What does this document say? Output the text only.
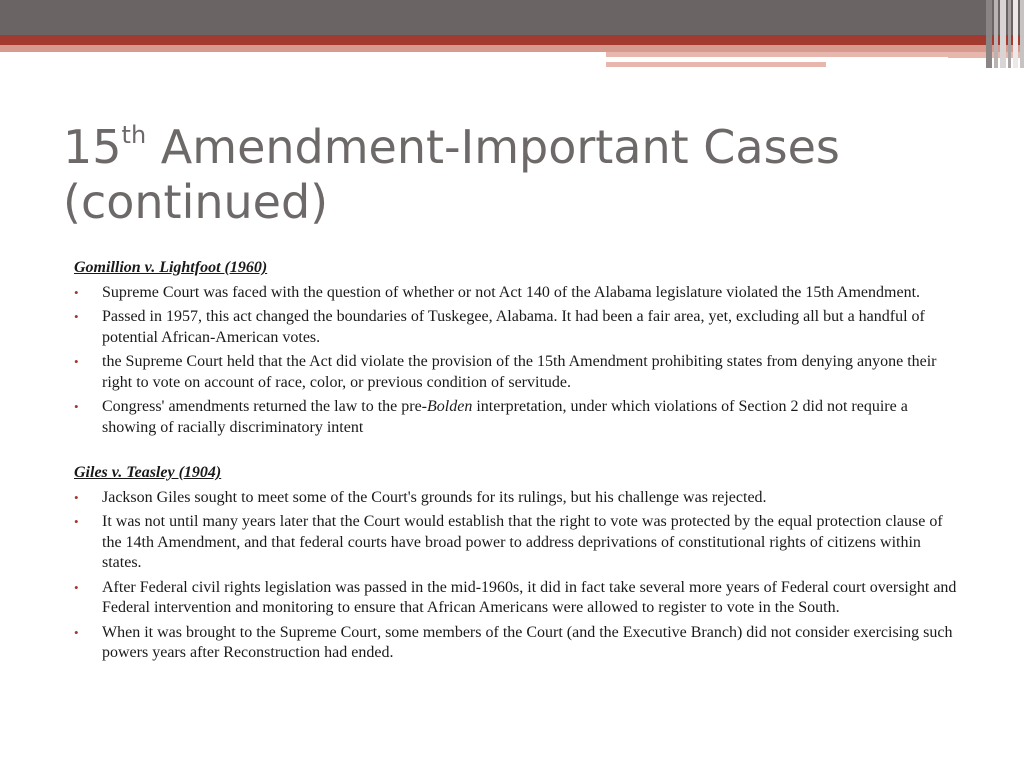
15th Amendment-Important Cases (continued)
Gomillion v. Lightfoot (1960)
• Supreme Court was faced with the question of whether or not Act 140 of the Alabama legislature violated the 15th Amendment.
• Passed in 1957, this act changed the boundaries of Tuskegee, Alabama. It had been a fair area, yet, excluding all but a handful of potential African-American votes.
• the Supreme Court held that the Act did violate the provision of the 15th Amendment prohibiting states from denying anyone their right to vote on account of race, color, or previous condition of servitude.
• Congress' amendments returned the law to the pre-Bolden interpretation, under which violations of Section 2 did not require a showing of racially discriminatory intent
Giles v. Teasley (1904)
• Jackson Giles sought to meet some of the Court's grounds for its rulings, but his challenge was rejected.
• It was not until many years later that the Court would establish that the right to vote was protected by the equal protection clause of the 14th Amendment, and that federal courts have broad power to address deprivations of constitutional rights of citizens within states.
• After Federal civil rights legislation was passed in the mid-1960s, it did in fact take several more years of Federal court oversight and Federal intervention and monitoring to ensure that African Americans were allowed to register to vote in the South.
• When it was brought to the Supreme Court, some members of the Court (and the Executive Branch) did not consider exercising such powers years after Reconstruction had ended.
